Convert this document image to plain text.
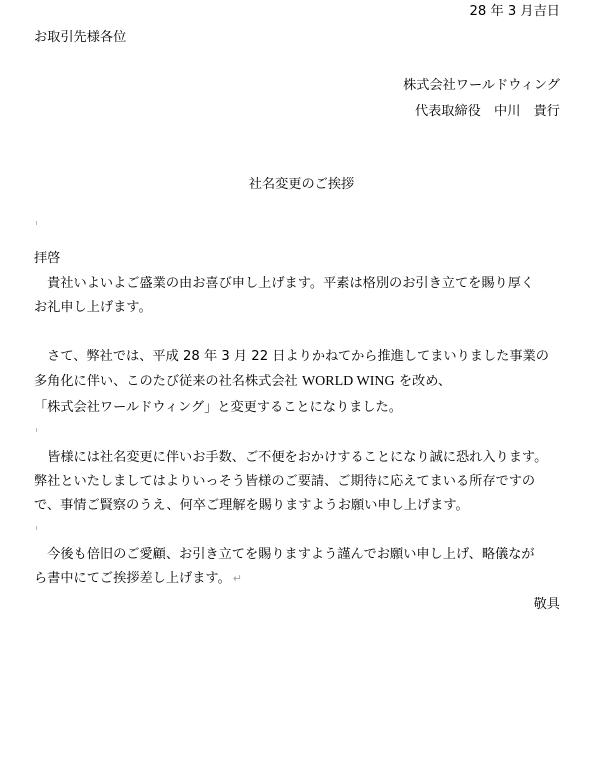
28 年 3 月吉日
お取引先様各位
株式会社ワールドウィング
代表取締役　中川　貴行
社名変更のご挨拶
拝啓
　貴社いよいよご盛業の由お喜び申し上げます。平素は格別のお引き立てを賜り厚く
お礼申し上げます。
　さて、弊社では、平成 28 年 3 月 22 日よりかねてから推進してまいりました事業の
多角化に伴い、このたび従来の社名株式会社 WORLD WING を改め、
「株式会社ワールドウィング」と変更することになりました。
　皆様には社名変更に伴いお手数、ご不便をおかけすることになり誠に恐れ入ります。
弊社といたしましてはよりいっそう皆様のご要請、ご期待に応えてまいる所存ですの
で、事情ご賢察のうえ、何卒ご理解を賜りますようお願い申し上げます。
　今後も倍旧のご愛顧、お引き立てを賜りますよう謹んでお願い申し上げ、略儀なが
ら書中にてご挨拶差し上げます。 ↵
敬具
